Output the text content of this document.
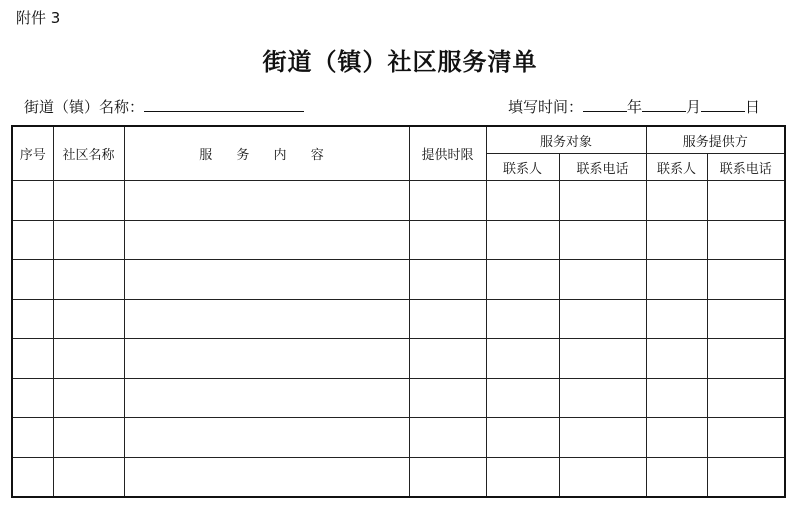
附件 3
街道（镇）社区服务清单
街道（镇）名称：	填写时间：	年	月	日
序号	社区名称	服 务 内 容	提供时限	服务对象		服务提供方	
				联系人	联系电话	联系人	联系电话
